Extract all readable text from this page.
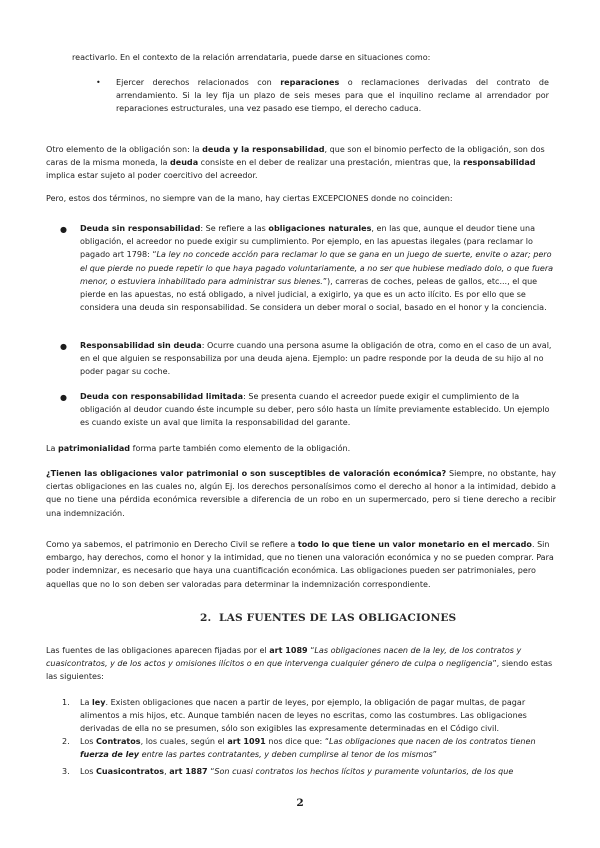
reactivarlo. En el contexto de la relación arrendataria, puede darse en situaciones como:

• Ejercer derechos relacionados con reparaciones o reclamaciones derivadas del contrato de arrendamiento. Si la ley fija un plazo de seis meses para que el inquilino reclame al arrendador por reparaciones estructurales, una vez pasado ese tiempo, el derecho caduca.

Otro elemento de la obligación son: la deuda y la responsabilidad, que son el binomio perfecto de la obligación, son dos caras de la misma moneda, la deuda consiste en el deber de realizar una prestación, mientras que, la responsabilidad implica estar sujeto al poder coercitivo del acreedor.

Pero, estos dos términos, no siempre van de la mano, hay ciertas EXCEPCIONES donde no coinciden:

● Deuda sin responsabilidad: Se refiere a las obligaciones naturales, en las que, aunque el deudor tiene una obligación, el acreedor no puede exigir su cumplimiento. Por ejemplo, en las apuestas ilegales (para reclamar lo pagado art 1798: “La ley no concede acción para reclamar lo que se gana en un juego de suerte, envite o azar; pero el que pierde no puede repetir lo que haya pagado voluntariamente, a no ser que hubiese mediado dolo, o que fuera menor, o estuviera inhabilitado para administrar sus bienes.”), carreras de coches, peleas de gallos, etc..., el que pierde en las apuestas, no está obligado, a nivel judicial, a exigirlo, ya que es un acto ilícito. Es por ello que se considera una deuda sin responsabilidad. Se considera un deber moral o social, basado en el honor y la conciencia.

● Responsabilidad sin deuda: Ocurre cuando una persona asume la obligación de otra, como en el caso de un aval, en el que alguien se responsabiliza por una deuda ajena. Ejemplo: un padre responde por la deuda de su hijo al no poder pagar su coche.

● Deuda con responsabilidad limitada: Se presenta cuando el acreedor puede exigir el cumplimiento de la obligación al deudor cuando éste incumple su deber, pero sólo hasta un límite previamente establecido. Un ejemplo es cuando existe un aval que limita la responsabilidad del garante.

La patrimonialidad forma parte también como elemento de la obligación.

¿Tienen las obligaciones valor patrimonial o son susceptibles de valoración económica? Siempre, no obstante, hay ciertas obligaciones en las cuales no, algún Ej. los derechos personalísimos como el derecho al honor a la intimidad, debido a que no tiene una pérdida económica reversible a diferencia de un robo en un supermercado, pero si tiene derecho a recibir una indemnización.

Como ya sabemos, el patrimonio en Derecho Civil se refiere a todo lo que tiene un valor monetario en el mercado. Sin embargo, hay derechos, como el honor y la intimidad, que no tienen una valoración económica y no se pueden comprar. Para poder indemnizar, es necesario que haya una cuantificación económica. Las obligaciones pueden ser patrimoniales, pero aquellas que no lo son deben ser valoradas para determinar la indemnización correspondiente.

2. LAS FUENTES DE LAS OBLIGACIONES

Las fuentes de las obligaciones aparecen fijadas por el art 1089 “Las obligaciones nacen de la ley, de los contratos y cuasicontratos, y de los actos y omisiones ilícitos o en que intervenga cualquier género de culpa o negligencia”, siendo estas las siguientes:

1. La ley. Existen obligaciones que nacen a partir de leyes, por ejemplo, la obligación de pagar multas, de pagar alimentos a mis hijos, etc. Aunque también nacen de leyes no escritas, como las costumbres. Las obligaciones derivadas de ella no se presumen, sólo son exigibles las expresamente determinadas en el Código civil.

2. Los Contratos, los cuales, según el art 1091 nos dice que: “Las obligaciones que nacen de los contratos tienen fuerza de ley entre las partes contratantes, y deben cumplirse al tenor de los mismos”

3. Los Cuasicontratos, art 1887 “Son cuasi contratos los hechos lícitos y puramente voluntarios, de los que

2
